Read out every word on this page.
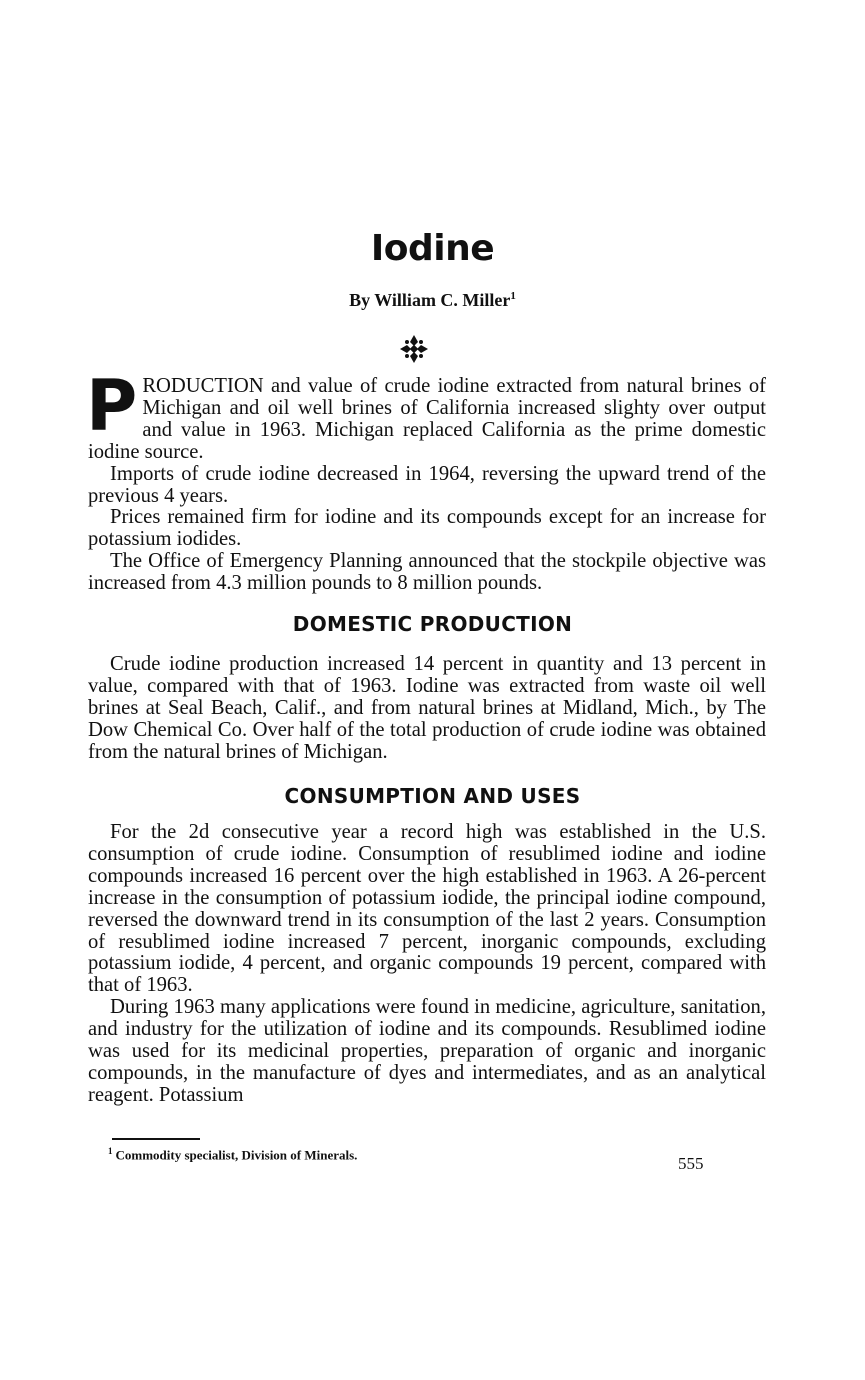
Iodine
By William C. Miller$^1$

PRODUCTION and value of crude iodine extracted from natural brines of Michigan and oil well brines of California increased slighty over output and value in 1963. Michigan replaced California as the prime domestic iodine source.

Imports of crude iodine decreased in 1964, reversing the upward trend of the previous 4 years.

Prices remained firm for iodine and its compounds except for an increase for potassium iodides.

The Office of Emergency Planning announced that the stockpile objective was increased from 4.3 million pounds to 8 million pounds.

DOMESTIC PRODUCTION

Crude iodine production increased 14 percent in quantity and 13 percent in value, compared with that of 1963. Iodine was extracted from waste oil well brines at Seal Beach, Calif., and from natural brines at Midland, Mich., by The Dow Chemical Co. Over half of the total production of crude iodine was obtained from the natural brines of Michigan.

CONSUMPTION AND USES

For the 2d consecutive year a record high was established in the U.S. consumption of crude iodine. Consumption of resublimed iodine and iodine compounds increased 16 percent over the high established in 1963. A 26-percent increase in the consumption of potassium iodide, the principal iodine compound, reversed the downward trend in its consumption of the last 2 years. Consumption of resublimed iodine increased 7 percent, inorganic compounds, excluding potassium iodide, 4 percent, and organic compounds 19 percent, compared with that of 1963.

During 1963 many applications were found in medicine, agriculture, sanitation, and industry for the utilization of iodine and its compounds. Resublimed iodine was used for its medicinal properties, preparation of organic and inorganic compounds, in the manufacture of dyes and intermediates, and as an analytical reagent. Potassium

$^1$ Commodity specialist, Division of Minerals.	555
